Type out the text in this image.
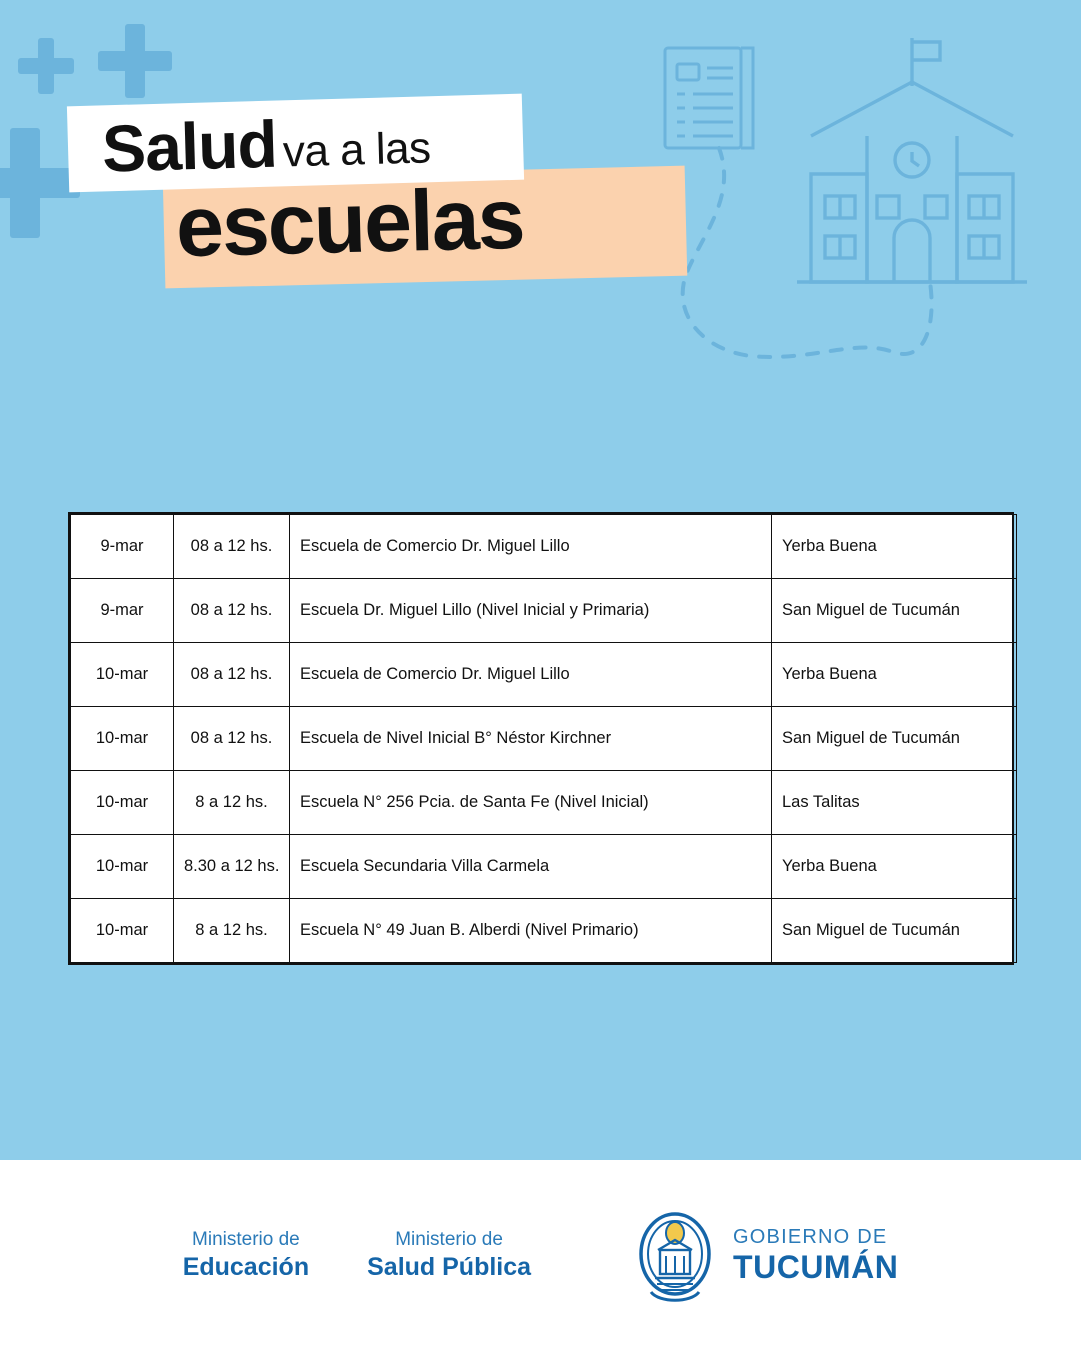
Salud va a las
escuelas
9-mar	08 a 12 hs.	Escuela de Comercio Dr. Miguel Lillo	Yerba Buena
9-mar	08 a 12 hs.	Escuela Dr. Miguel Lillo (Nivel Inicial y Primaria)	San Miguel de Tucumán
10-mar	08 a 12 hs.	Escuela de Comercio Dr. Miguel Lillo	Yerba Buena
10-mar	08 a 12 hs.	Escuela de Nivel Inicial B° Néstor Kirchner	San Miguel de Tucumán
10-mar	8 a 12 hs.	Escuela N° 256 Pcia. de Santa Fe (Nivel Inicial)	Las Talitas
10-mar	8.30 a 12 hs.	Escuela Secundaria Villa Carmela	Yerba Buena
10-mar	8 a 12 hs.	Escuela N° 49 Juan B. Alberdi (Nivel Primario)	San Miguel de Tucumán
Ministerio de
Educación
Ministerio de
Salud Pública
GOBIERNO DE
TUCUMÁN
